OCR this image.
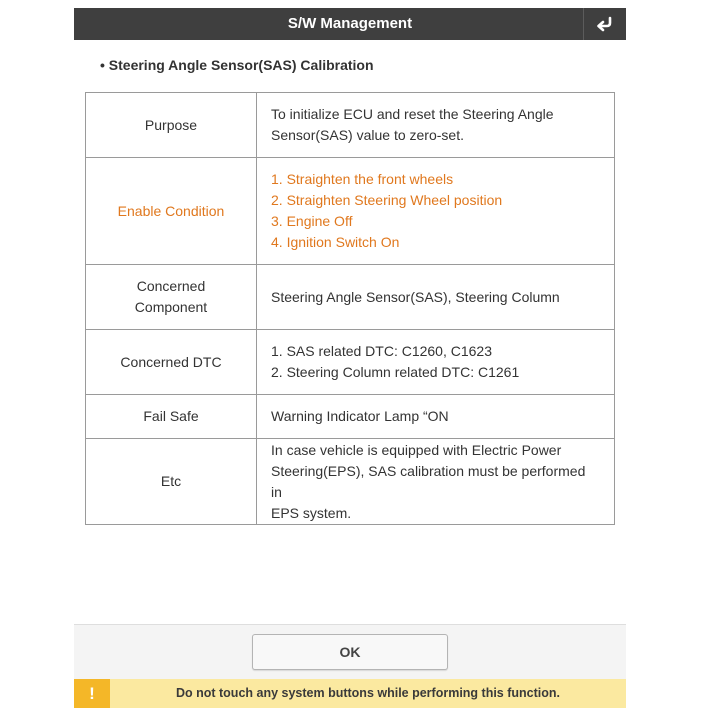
S/W Management
• Steering Angle Sensor(SAS) Calibration
Purpose	To initialize ECU and reset the Steering Angle
Sensor(SAS) value to zero-set.

Enable Condition	1. Straighten the front wheels
2. Straighten Steering Wheel position
3. Engine Off
4. Ignition Switch On

Concerned
Component	Steering Angle Sensor(SAS), Steering Column

Concerned DTC	1. SAS related DTC: C1260, C1623
2. Steering Column related DTC: C1261

Fail Safe	Warning Indicator Lamp “ON

Etc	In case vehicle is equipped with Electric Power
Steering(EPS), SAS calibration must be performed in
EPS system.
OK
!	Do not touch any system buttons while performing this function.
